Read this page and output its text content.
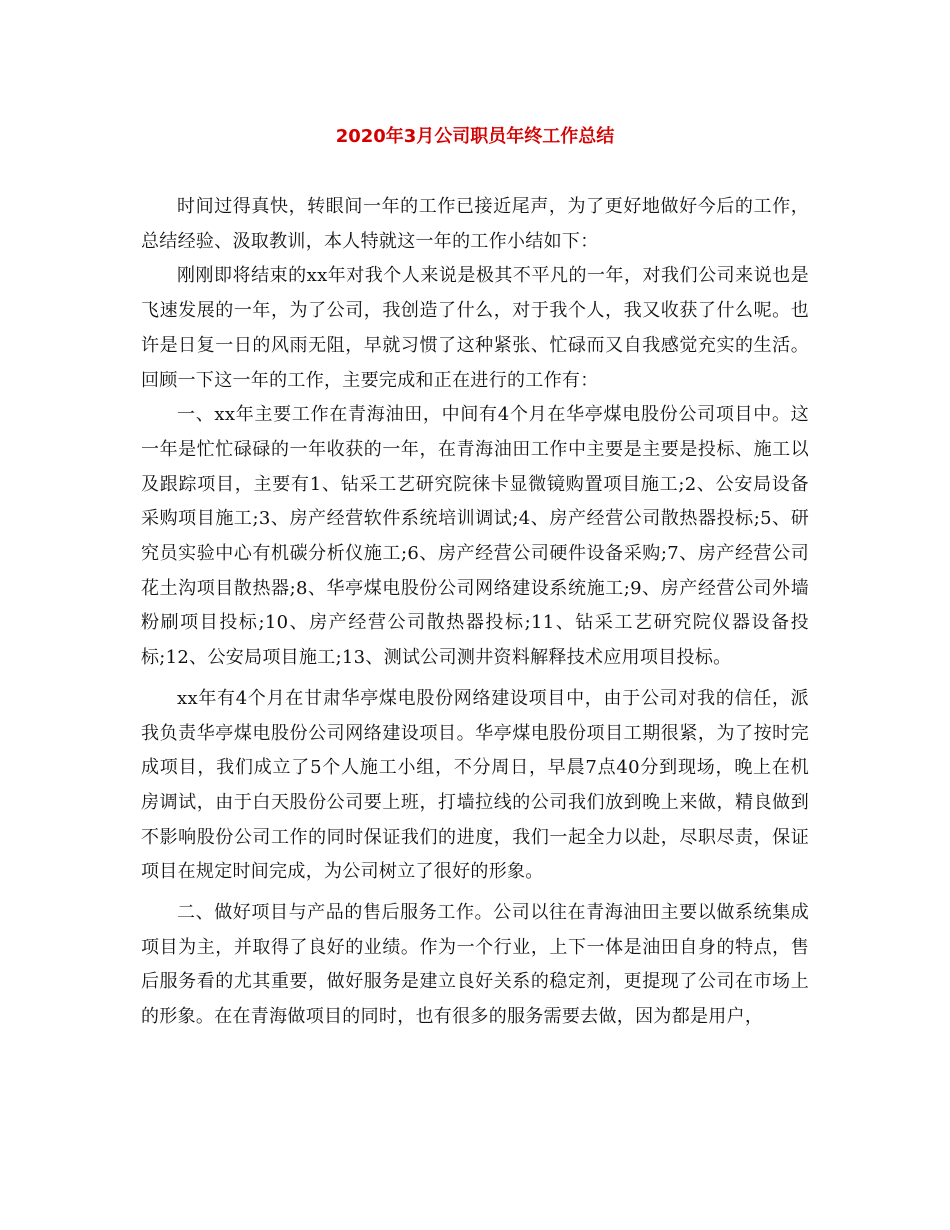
2020年3月公司职员年终工作总结

时间过得真快，转眼间一年的工作已接近尾声，为了更好地做好今后的工作，总结经验、汲取教训，本人特就这一年的工作小结如下：

刚刚即将结束的xx年对我个人来说是极其不平凡的一年，对我们公司来说也是飞速发展的一年，为了公司，我创造了什么，对于我个人，我又收获了什么呢。也许是日复一日的风雨无阻，早就习惯了这种紧张、忙碌而又自我感觉充实的生活。回顾一下这一年的工作，主要完成和正在进行的工作有：

一、xx年主要工作在青海油田，中间有4个月在华亭煤电股份公司项目中。这一年是忙忙碌碌的一年收获的一年，在青海油田工作中主要是主要是投标、施工以及跟踪项目，主要有1、钻采工艺研究院徕卡显微镜购置项目施工;2、公安局设备采购项目施工;3、房产经营软件系统培训调试;4、房产经营公司散热器投标;5、研究员实验中心有机碳分析仪施工;6、房产经营公司硬件设备采购;7、房产经营公司花土沟项目散热器;8、华亭煤电股份公司网络建设系统施工;9、房产经营公司外墙粉刷项目投标;10、房产经营公司散热器投标;11、钻采工艺研究院仪器设备投标;12、公安局项目施工;13、测试公司测井资料解释技术应用项目投标。

xx年有4个月在甘肃华亭煤电股份网络建设项目中，由于公司对我的信任，派我负责华亭煤电股份公司网络建设项目。华亭煤电股份项目工期很紧，为了按时完成项目，我们成立了5个人施工小组，不分周日，早晨7点40分到现场，晚上在机房调试，由于白天股份公司要上班，打墙拉线的公司我们放到晚上来做，精良做到不影响股份公司工作的同时保证我们的进度，我们一起全力以赴，尽职尽责，保证项目在规定时间完成，为公司树立了很好的形象。

二、做好项目与产品的售后服务工作。公司以往在青海油田主要以做系统集成项目为主，并取得了良好的业绩。作为一个行业，上下一体是油田自身的特点，售后服务看的尤其重要，做好服务是建立良好关系的稳定剂，更提现了公司在市场上的形象。在在青海做项目的同时，也有很多的服务需要去做，因为都是用户，
